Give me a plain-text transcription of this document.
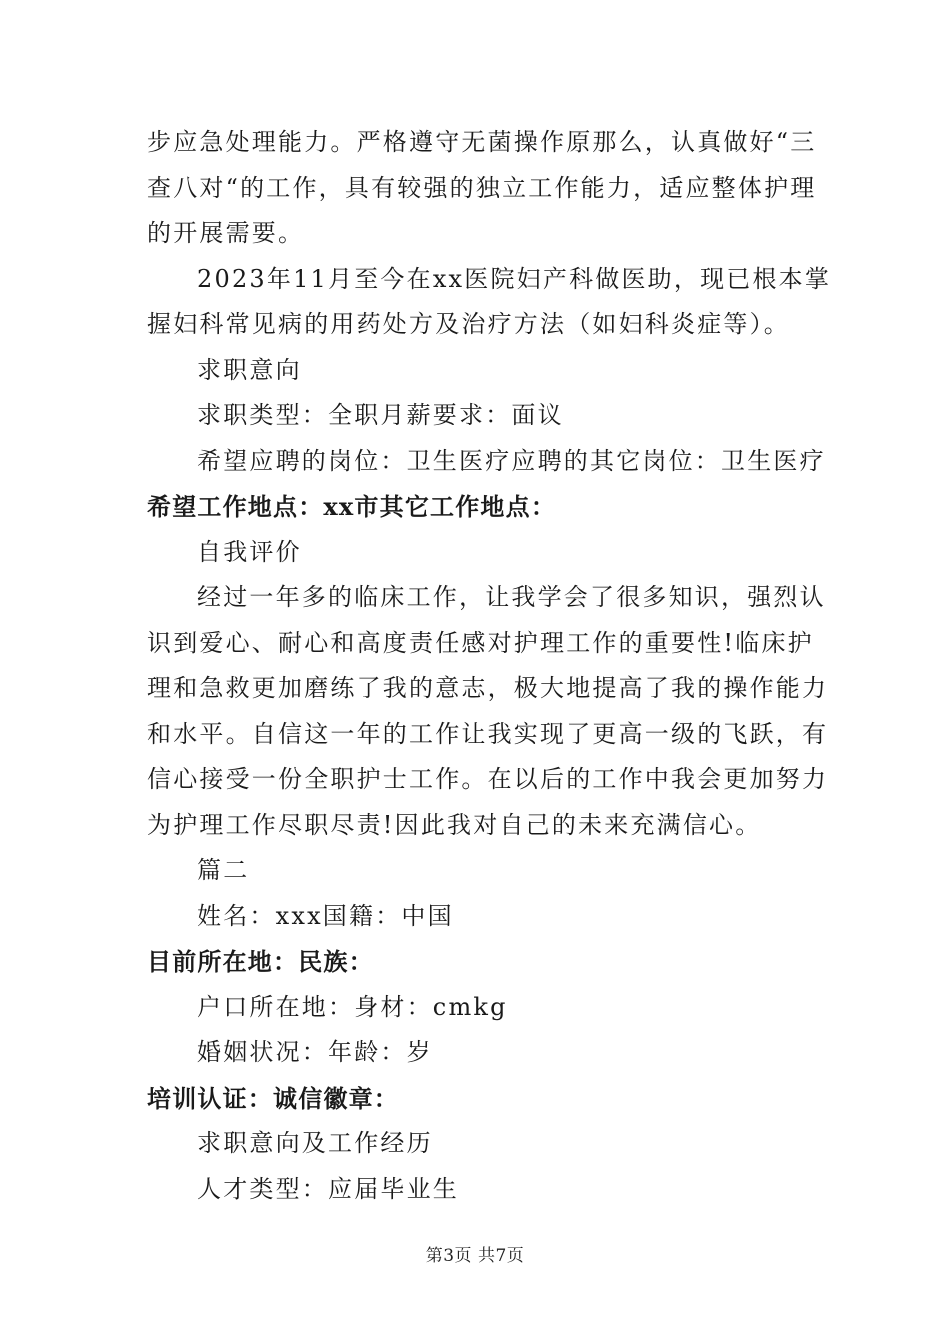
步应急处理能力。严格遵守无菌操作原那么，认真做好“三
查八对“的工作，具有较强的独立工作能力，适应整体护理
的开展需要。
2023年11月至今在xx医院妇产科做医助，现已根本掌
握妇科常见病的用药处方及治疗方法（如妇科炎症等）。
求职意向
求职类型：全职月薪要求：面议
希望应聘的岗位：卫生医疗应聘的其它岗位：卫生医疗
希望工作地点：xx市其它工作地点：
自我评价
经过一年多的临床工作，让我学会了很多知识，强烈认
识到爱心、耐心和高度责任感对护理工作的重要性!临床护
理和急救更加磨练了我的意志，极大地提高了我的操作能力
和水平。自信这一年的工作让我实现了更高一级的飞跃，有
信心接受一份全职护士工作。在以后的工作中我会更加努力
为护理工作尽职尽责!因此我对自己的未来充满信心。
篇二
姓名：xxx国籍：中国
目前所在地：民族：
户口所在地：身材：cmkg
婚姻状况：年龄：岁
培训认证：诚信徽章：
求职意向及工作经历
人才类型：应届毕业生
第3页 共7页
